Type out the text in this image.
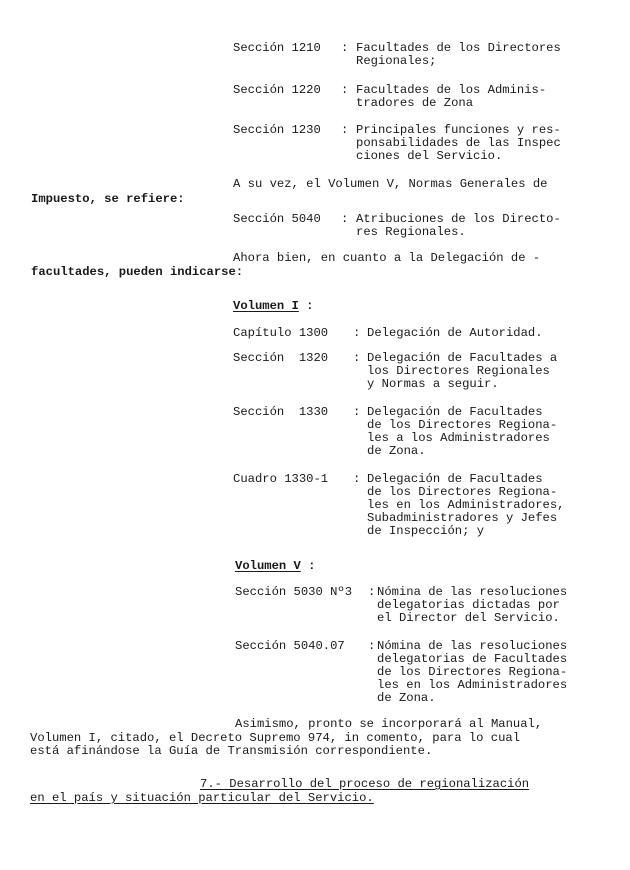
Sección 1210 : Facultades de los Directores
Regionales;
Sección 1220 : Facultades de los Adminis-
tradores de Zona
Sección 1230 : Principales funciones y res-
ponsabilidades de las Inspec
ciones del Servicio.
A su vez, el Volumen V, Normas Generales de
Impuesto, se refiere:
Sección 5040 : Atribuciones de los Directo-
res Regionales.
Ahora bien, en cuanto a la Delegación de -
facultades, pueden indicarse:
Volumen I :
Capítulo 1300 : Delegación de Autoridad.
Sección  1320 : Delegación de Facultades a
los Directores Regionales
y Normas a seguir.
Sección  1330 : Delegación de Facultades
de los Directores Regiona-
les a los Administradores
de Zona.
Cuadro 1330-1 : Delegación de Facultades
de los Directores Regiona-
les en los Administradores,
Subadministradores y Jefes
de Inspección; y
Volumen V :
Sección 5030 Nº3 : Nómina de las resoluciones
delegatorias dictadas por
el Director del Servicio.
Sección 5040.07 : Nómina de las resoluciones
delegatorias de Facultades
de los Directores Regiona-
les en los Administradores
de Zona.
Asimismo, pronto se incorporará al Manual,
Volumen I, citado, el Decreto Supremo 974, in comento, para lo cual
está afinándose la Guía de Transmisión correspondiente.
7.- Desarrollo del proceso de regionalización
en el país y situación particular del Servicio.
